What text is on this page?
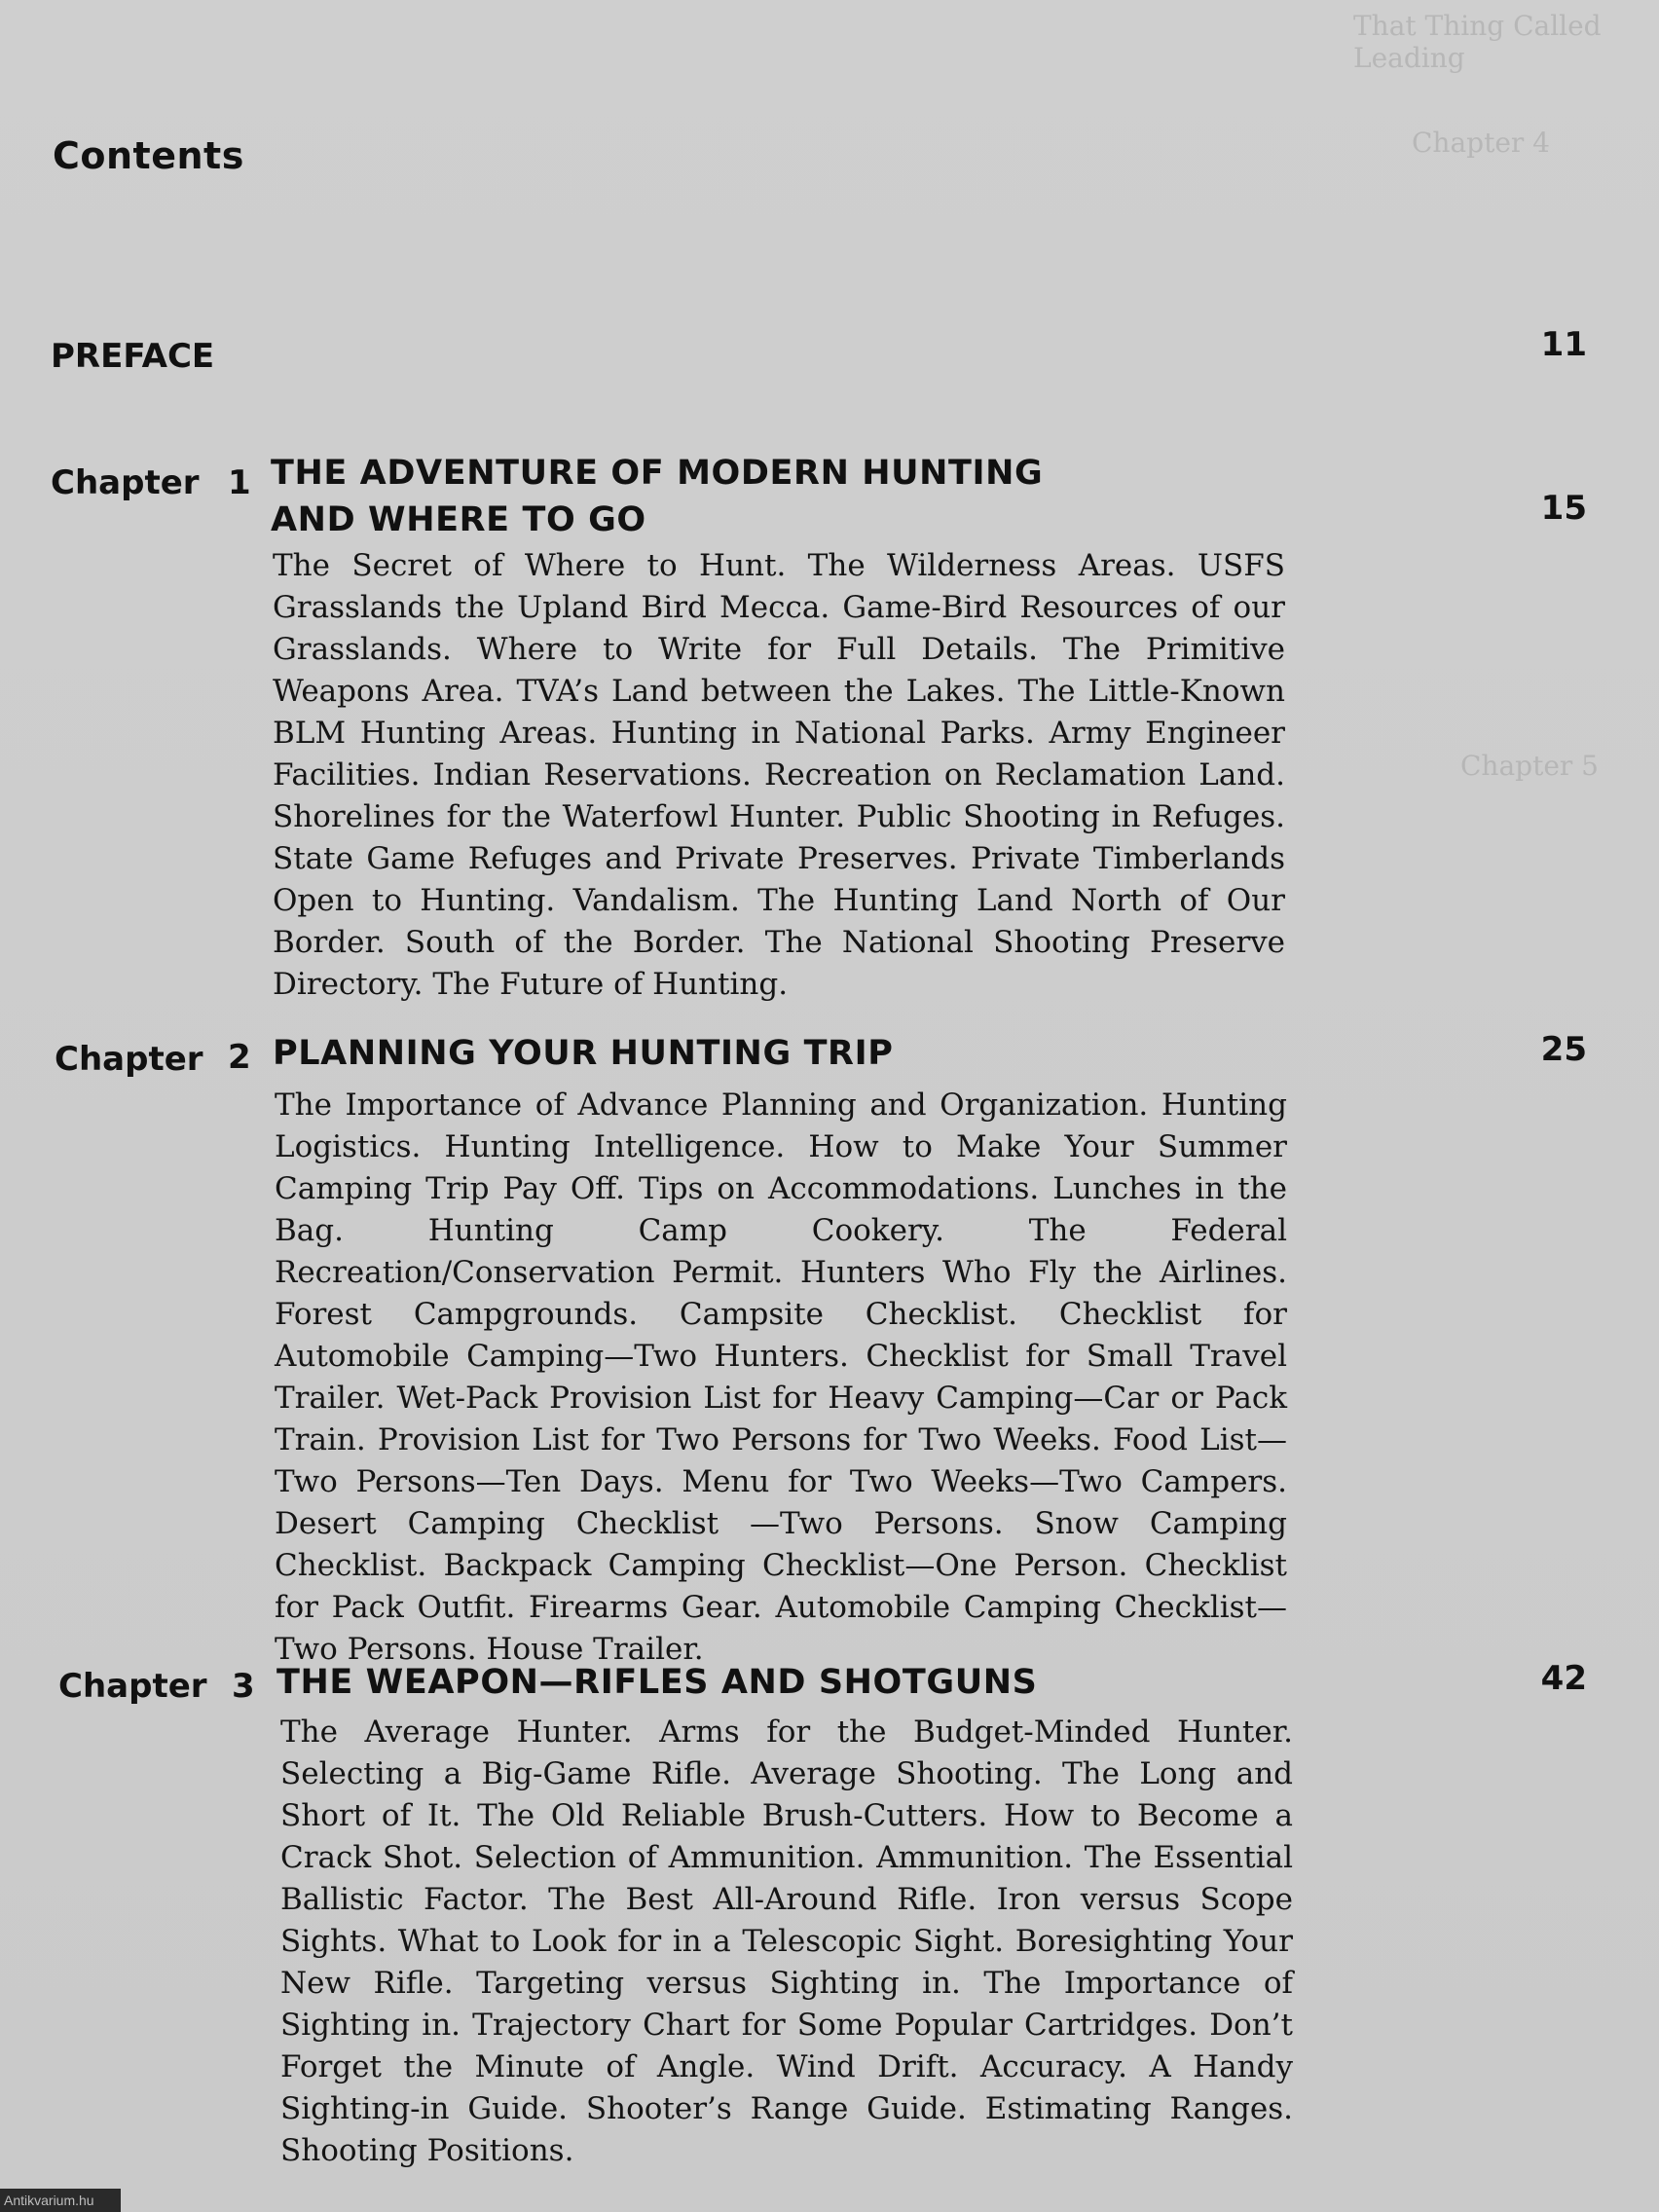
That Thing Called Leading
Chapter 4
Chapter 5
Contents
PREFACE	11
Chapter 1 THE ADVENTURE OF MODERN HUNTING
AND WHERE TO GO	15
The Secret of Where to Hunt. The Wilderness Areas. USFS Grasslands the Upland Bird Mecca. Game-Bird Resources of our Grasslands. Where to Write for Full Details. The Primitive Weapons Area. TVA’s Land between the Lakes. The Little-Known BLM Hunting Areas. Hunting in National Parks. Army Engineer Facilities. Indian Reservations. Recreation on Reclamation Land. Shorelines for the Waterfowl Hunter. Public Shooting in Refuges. State Game Refuges and Private Preserves. Private Timberlands Open to Hunting. Vandalism. The Hunting Land North of Our Border. South of the Border. The National Shooting Preserve Directory. The Future of Hunting.
Chapter 2 PLANNING YOUR HUNTING TRIP	25
The Importance of Advance Planning and Organization. Hunting Logistics. Hunting Intelligence. How to Make Your Summer Camping Trip Pay Off. Tips on Accommodations. Lunches in the Bag. Hunting Camp Cookery. The Federal Recreation/Conservation Permit. Hunters Who Fly the Airlines. Forest Campgrounds. Campsite Checklist. Checklist for Automobile Camping—Two Hunters. Checklist for Small Travel Trailer. Wet-Pack Provision List for Heavy Camping—Car or Pack Train. Provision List for Two Persons for Two Weeks. Food List—Two Persons—Ten Days. Menu for Two Weeks—Two Campers. Desert Camping Checklist —Two Persons. Snow Camping Checklist. Backpack Camping Checklist—One Person. Checklist for Pack Outfit. Firearms Gear. Automobile Camping Checklist—Two Persons. House Trailer.
Chapter 3 THE WEAPON—RIFLES AND SHOTGUNS	42
The Average Hunter. Arms for the Budget-Minded Hunter. Selecting a Big-Game Rifle. Average Shooting. The Long and Short of It. The Old Reliable Brush-Cutters. How to Become a Crack Shot. Selection of Ammunition. Ammunition. The Essential Ballistic Factor. The Best All-Around Rifle. Iron versus Scope Sights. What to Look for in a Telescopic Sight. Boresighting Your New Rifle. Targeting versus Sighting in. The Importance of Sighting in. Trajectory Chart for Some Popular Cartridges. Don’t Forget the Minute of Angle. Wind Drift. Accuracy. A Handy Sighting-in Guide. Shooter’s Range Guide. Estimating Ranges. Shooting Positions.
Antikvarium.hu
